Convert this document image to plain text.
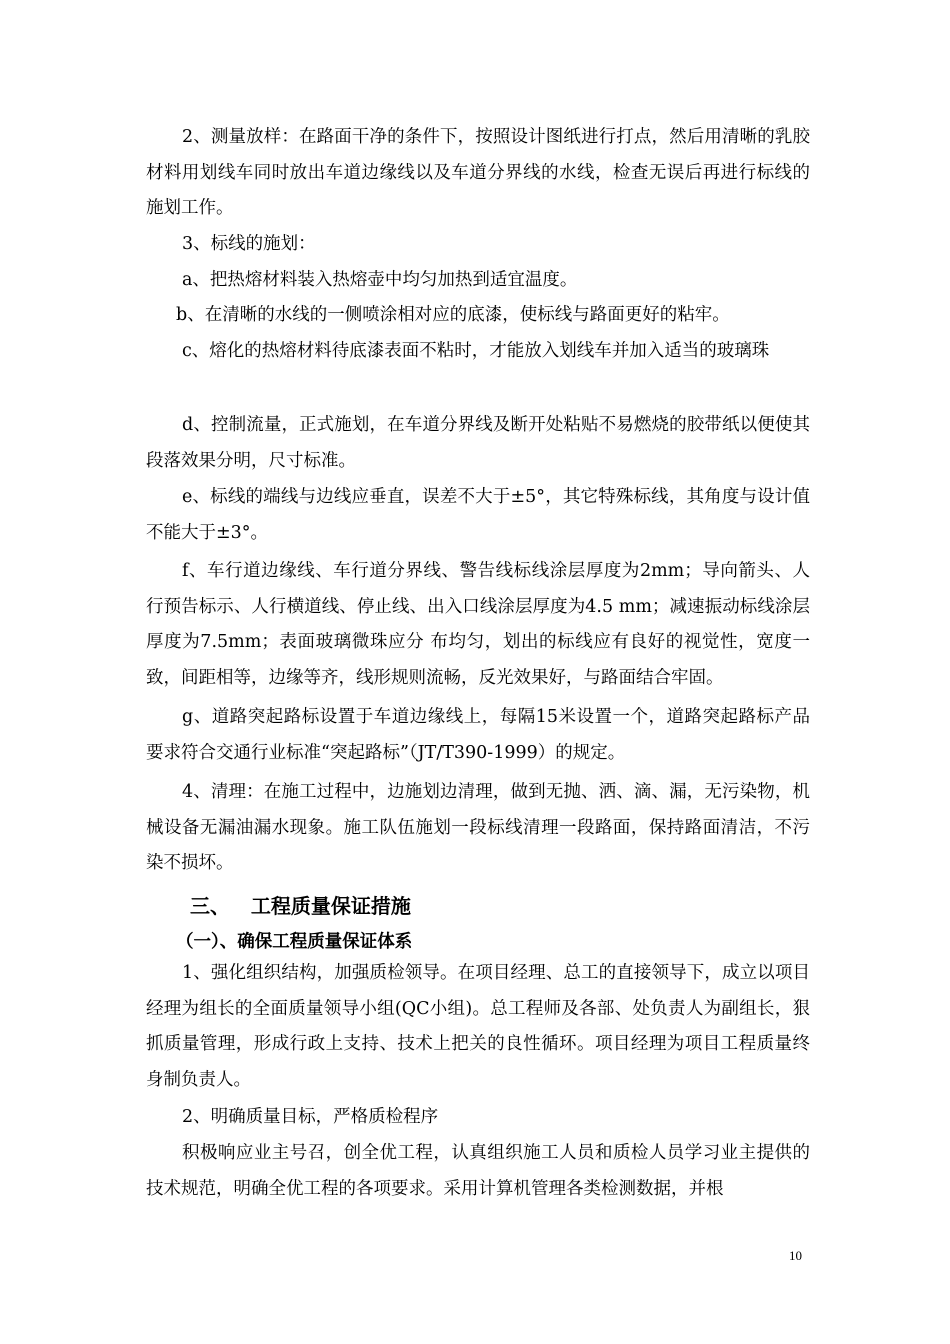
2、测量放样：在路面干净的条件下，按照设计图纸进行打点，然后用清晰的乳胶材料用划线车同时放出车道边缘线以及车道分界线的水线，检查无误后再进行标线的施划工作。

3、标线的施划：

a、把热熔材料装入热熔壶中均匀加热到适宜温度。

b、在清晰的水线的一侧喷涂相对应的底漆，使标线与路面更好的粘牢。

c、熔化的热熔材料待底漆表面不粘时，才能放入划线车并加入适当的玻璃珠

d、控制流量，正式施划，在车道分界线及断开处粘贴不易燃烧的胶带纸以便使其段落效果分明，尺寸标准。

e、标线的端线与边线应垂直，误差不大于±5°，其它特殊标线，其角度与设计值不能大于±3°。

f、车行道边缘线、车行道分界线、警告线标线涂层厚度为2mm；导向箭头、人行预告标示、人行横道线、停止线、出入口线涂层厚度为4.5 mm；减速振动标线涂层厚度为7.5mm；表面玻璃微珠应分 布均匀，划出的标线应有良好的视觉性，宽度一致，间距相等，边缘等齐，线形规则流畅，反光效果好，与路面结合牢固。

g、道路突起路标设置于车道边缘线上，每隔15米设置一个，道路突起路标产品要求符合交通行业标准“突起路标”（JT/T390-1999）的规定。

4、清理：在施工过程中，边施划边清理，做到无抛、洒、滴、漏，无污染物，机械设备无漏油漏水现象。施工队伍施划一段标线清理一段路面，保持路面清洁，不污染不损坏。

三、   工程质量保证措施

（一）、确保工程质量保证体系

1、强化组织结构，加强质检领导。在项目经理、总工的直接领导下，成立以项目经理为组长的全面质量领导小组(QC小组)。总工程师及各部、处负责人为副组长，狠抓质量管理，形成行政上支持、技术上把关的良性循环。项目经理为项目工程质量终身制负责人。

2、明确质量目标，严格质检程序

积极响应业主号召，创全优工程，认真组织施工人员和质检人员学习业主提供的技术规范，明确全优工程的各项要求。采用计算机管理各类检测数据，并根

10
